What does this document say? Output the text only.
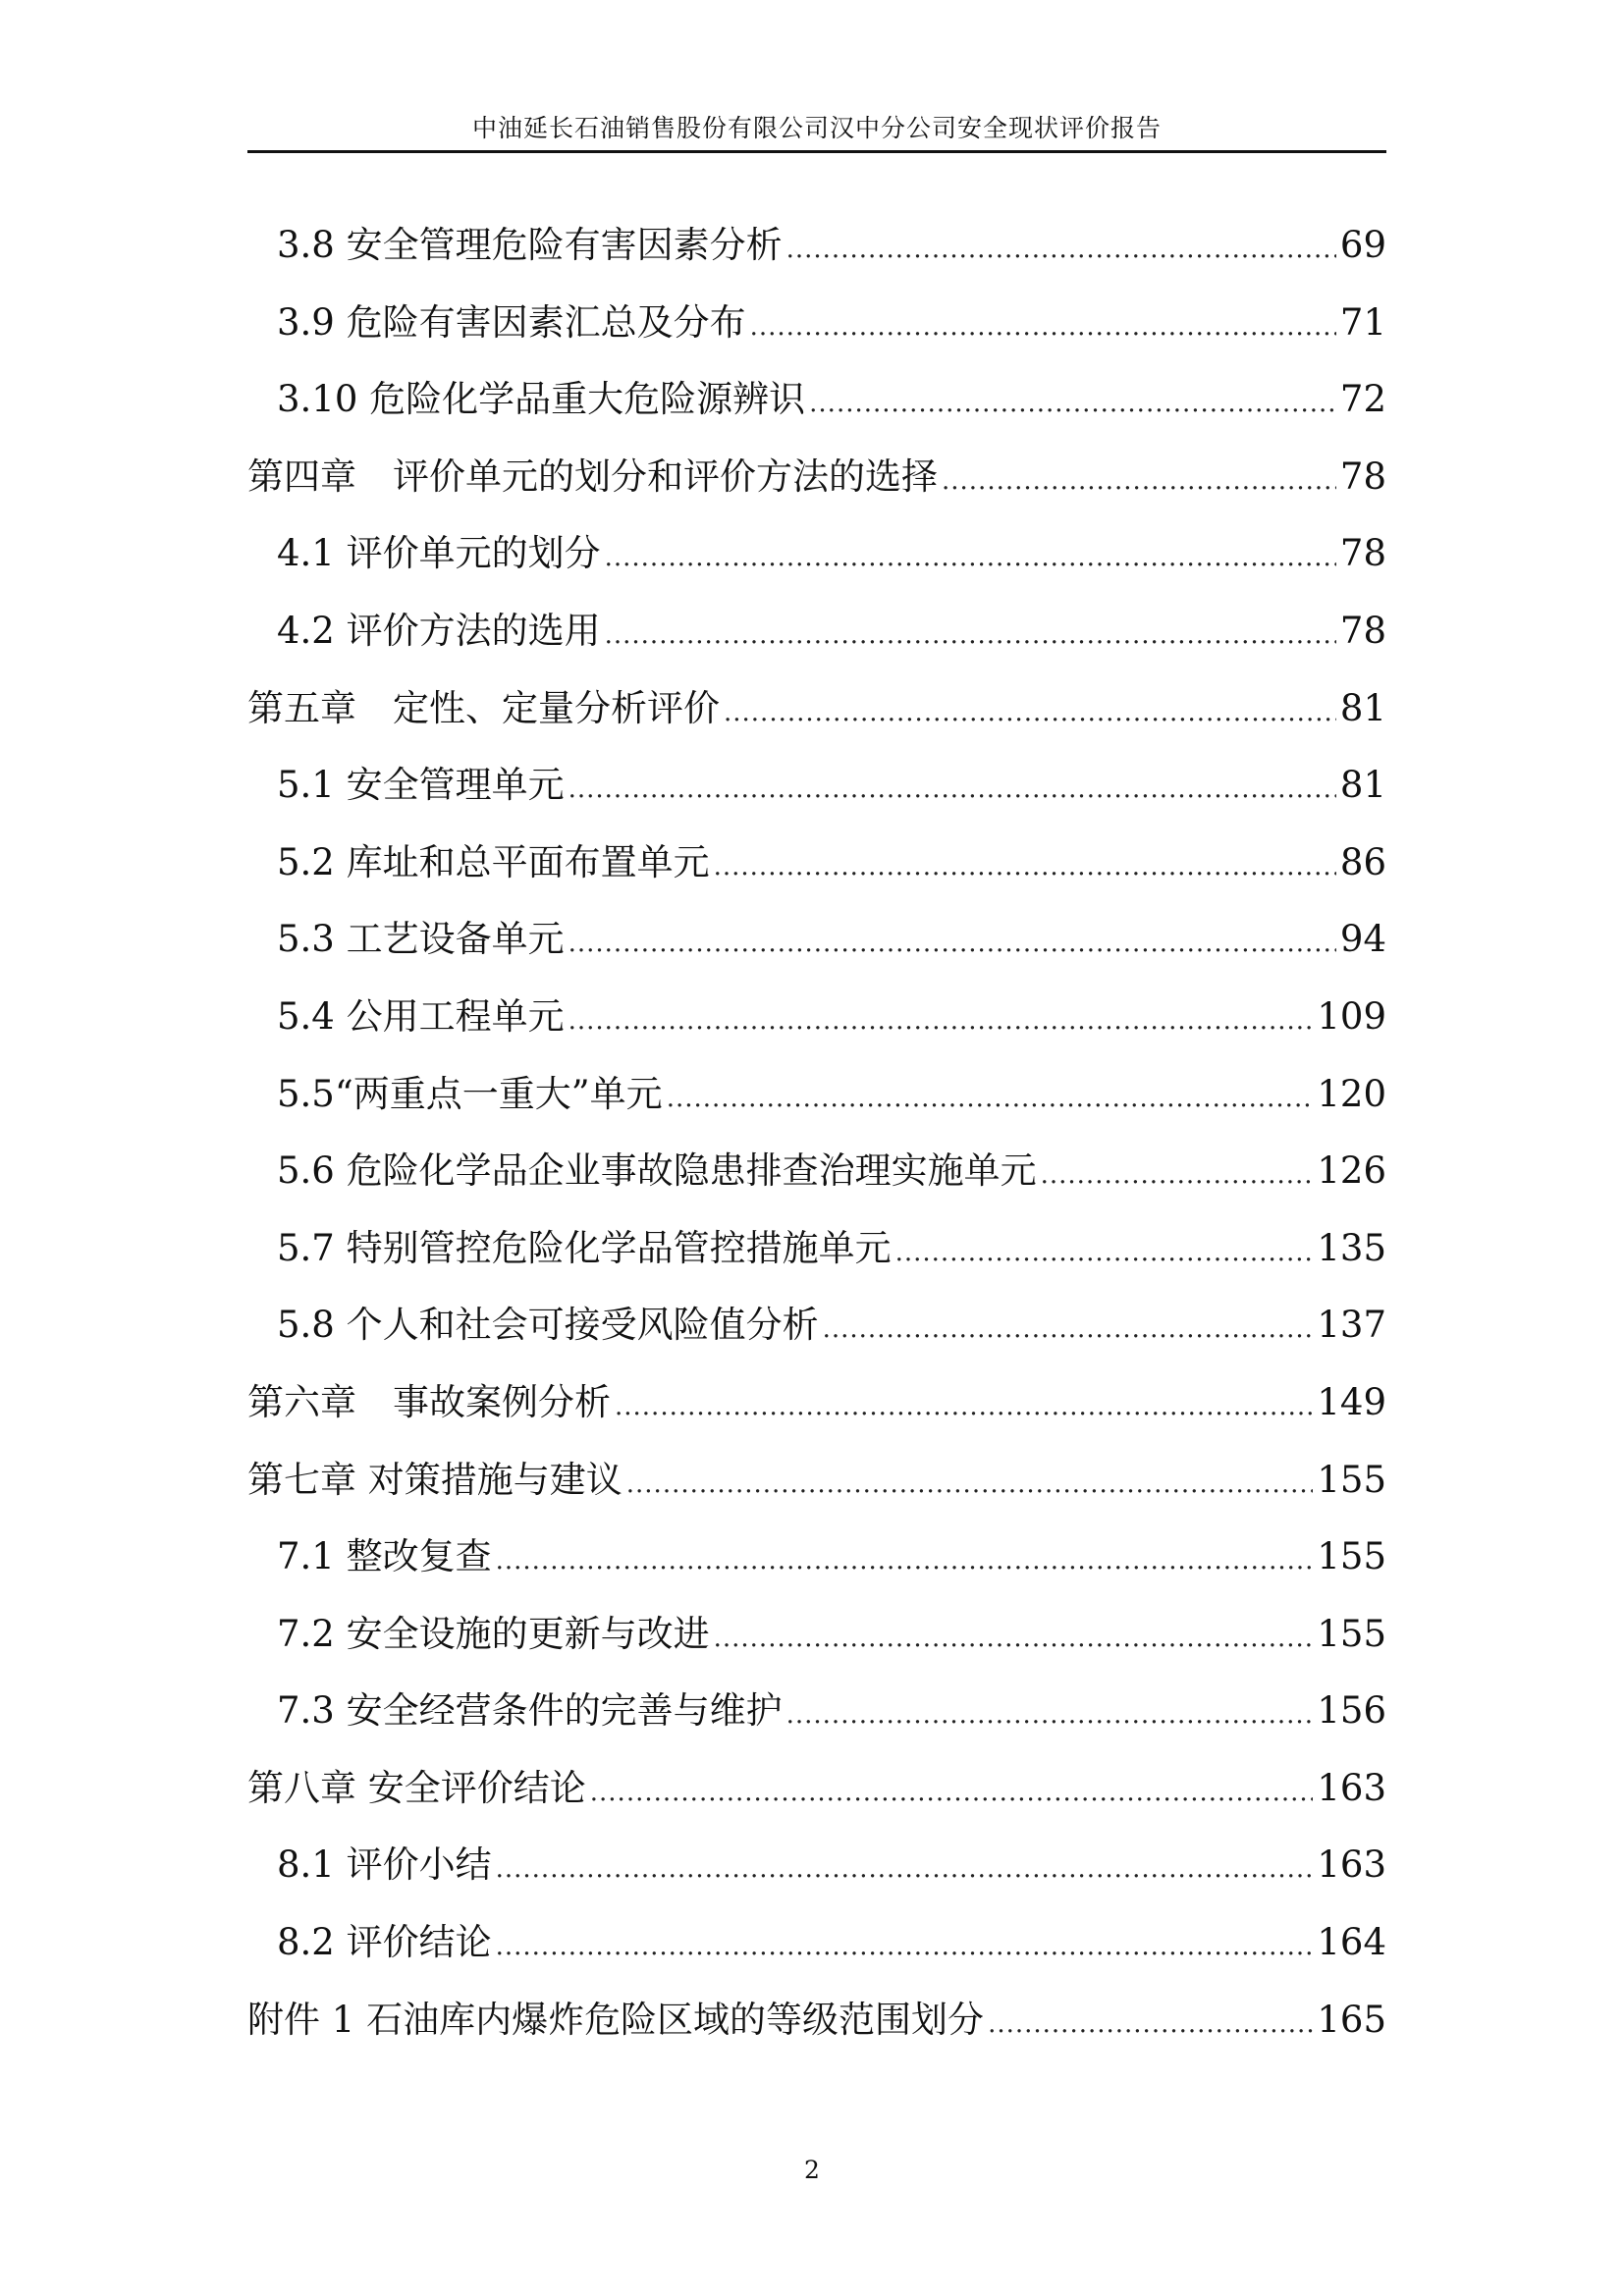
中油延长石油销售股份有限公司汉中分公司安全现状评价报告
3.8 安全管理危险有害因素分析 .....	69
3.9 危险有害因素汇总及分布 .....	71
3.10 危险化学品重大危险源辨识 .....	72
第四章　评价单元的划分和评价方法的选择 .....	78
4.1 评价单元的划分 .....	78
4.2 评价方法的选用 .....	78
第五章　定性、定量分析评价 .....	81
5.1 安全管理单元 .....	81
5.2 库址和总平面布置单元 .....	86
5.3 工艺设备单元 .....	94
5.4 公用工程单元 .....	109
5.5“两重点一重大”单元 .....	120
5.6 危险化学品企业事故隐患排查治理实施单元 .....	126
5.7 特别管控危险化学品管控措施单元 .....	135
5.8 个人和社会可接受风险值分析 .....	137
第六章　事故案例分析 .....	149
第七章 对策措施与建议 .....	155
7.1 整改复查 .....	155
7.2 安全设施的更新与改进 .....	155
7.3 安全经营条件的完善与维护 .....	156
第八章 安全评价结论 .....	163
8.1 评价小结 .....	163
8.2 评价结论 .....	164
附件 1 石油库内爆炸危险区域的等级范围划分 .....	165
2
